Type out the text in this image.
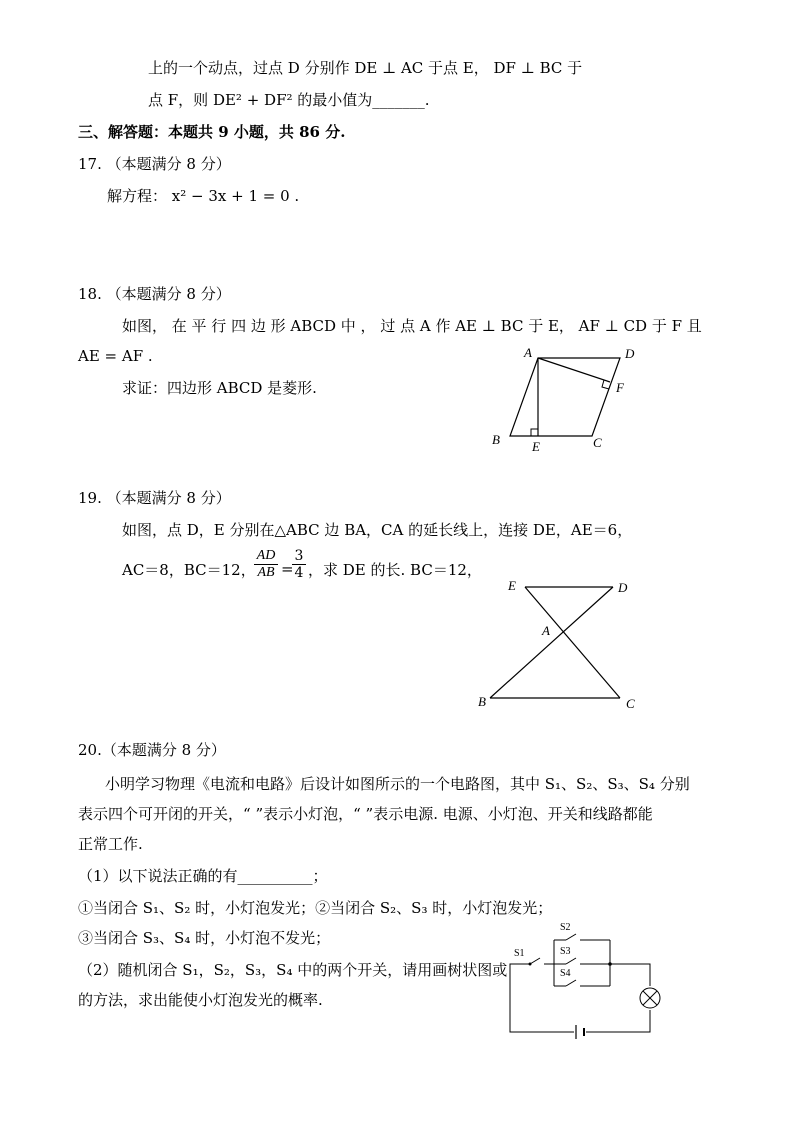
上的一个动点，过点 D 分别作 DE ⊥ AC 于点 E， DF ⊥ BC 于
点 F，则 DE² + DF² 的最小值为_______.
三、解答题：本题共 9 小题，共 86 分.
17. （本题满分 8 分）
解方程： x² − 3x + 1 = 0 .
18. （本题满分 8 分）
如图， 在 平 行 四 边 形 ABCD 中 ， 过 点 A 作 AE ⊥ BC 于 E， AF ⊥ CD 于 F 且
AE = AF .
求证：四边形 ABCD 是菱形.
A	D
F
B E	C
19. （本题满分 8 分）
如图，点 D，E 分别在△ABC 边 BA，CA 的延长线上，连接 DE，AE＝6，
AC＝8，BC＝12，
$\frac{AD}{AB}$ =
$\frac{3}{4}$ ，求 DE 的长. BC＝12，
E	D
A
B	C
20.（本题满分 8 分）
小明学习物理《电流和电路》后设计如图所示的一个电路图，其中 S₁、S₂、S₃、S₄ 分别
表示四个可开闭的开关，“ ”表示小灯泡，“ ”表示电源. 电源、小灯泡、开关和线路都能
正常工作.
（1）以下说法正确的有__________；
①当闭合 S₁、S₂ 时，小灯泡发光；②当闭合 S₂、S₃ 时，小灯泡发光；
③当闭合 S₃、S₄ 时，小灯泡不发光；
（2）随机闭合 S₁，S₂，S₃，S₄ 中的两个开关，请用画树状图或
的方法，求出能使小灯泡发光的概率.
S1
S2
S3
S4
